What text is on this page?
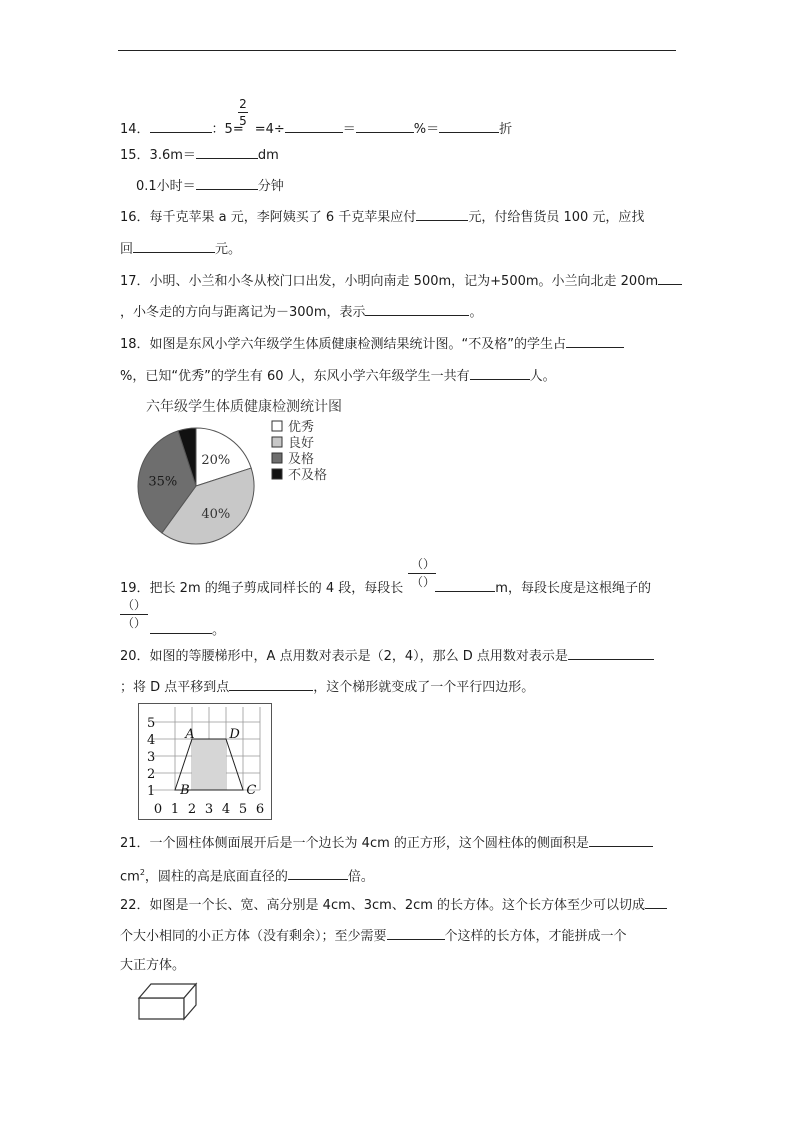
2
5
14．	：5= =4÷	＝	%＝	折
15．3.6m＝	dm
0.1小时＝	分钟
16．每千克苹果 a 元，李阿姨买了 6 千克苹果应付	元，付给售货员 100 元，应找
回	元。
17．小明、小兰和小冬从校门口出发，小明向南走 500m，记为+500m。小兰向北走 200m
，小冬走的方向与距离记为－300m，表示	。
18．如图是东风小学六年级学生体质健康检测结果统计图。“不及格”的学生占
%，已知“优秀”的学生有 60 人，东风小学六年级学生一共有	人。
六年级学生体质健康检测统计图
20%
40%
35%
优秀
良好
及格
不及格
（）
（）
19．把长 2m 的绳子剪成同样长的 4 段，每段长	m，每段长度是这根绳子的
（）
（）	。
20．如图的等腰梯形中，A 点用数对表示是（2，4），那么 D 点用数对表示是
；将 D 点平移到点	，这个梯形就变成了一个平行四边形。
0 1 2 3 4 5 6
1
2
3
4
5
A	D
B	C
21．一个圆柱体侧面展开后是一个边长为 4cm 的正方形，这个圆柱体的侧面积是
$cm^2$，圆柱的高是底面直径的	倍。
22．如图是一个长、宽、高分别是 4cm、3cm、2cm 的长方体。这个长方体至少可以切成
个大小相同的小正方体（没有剩余）；至少需要	个这样的长方体，才能拼成一个
大正方体。
